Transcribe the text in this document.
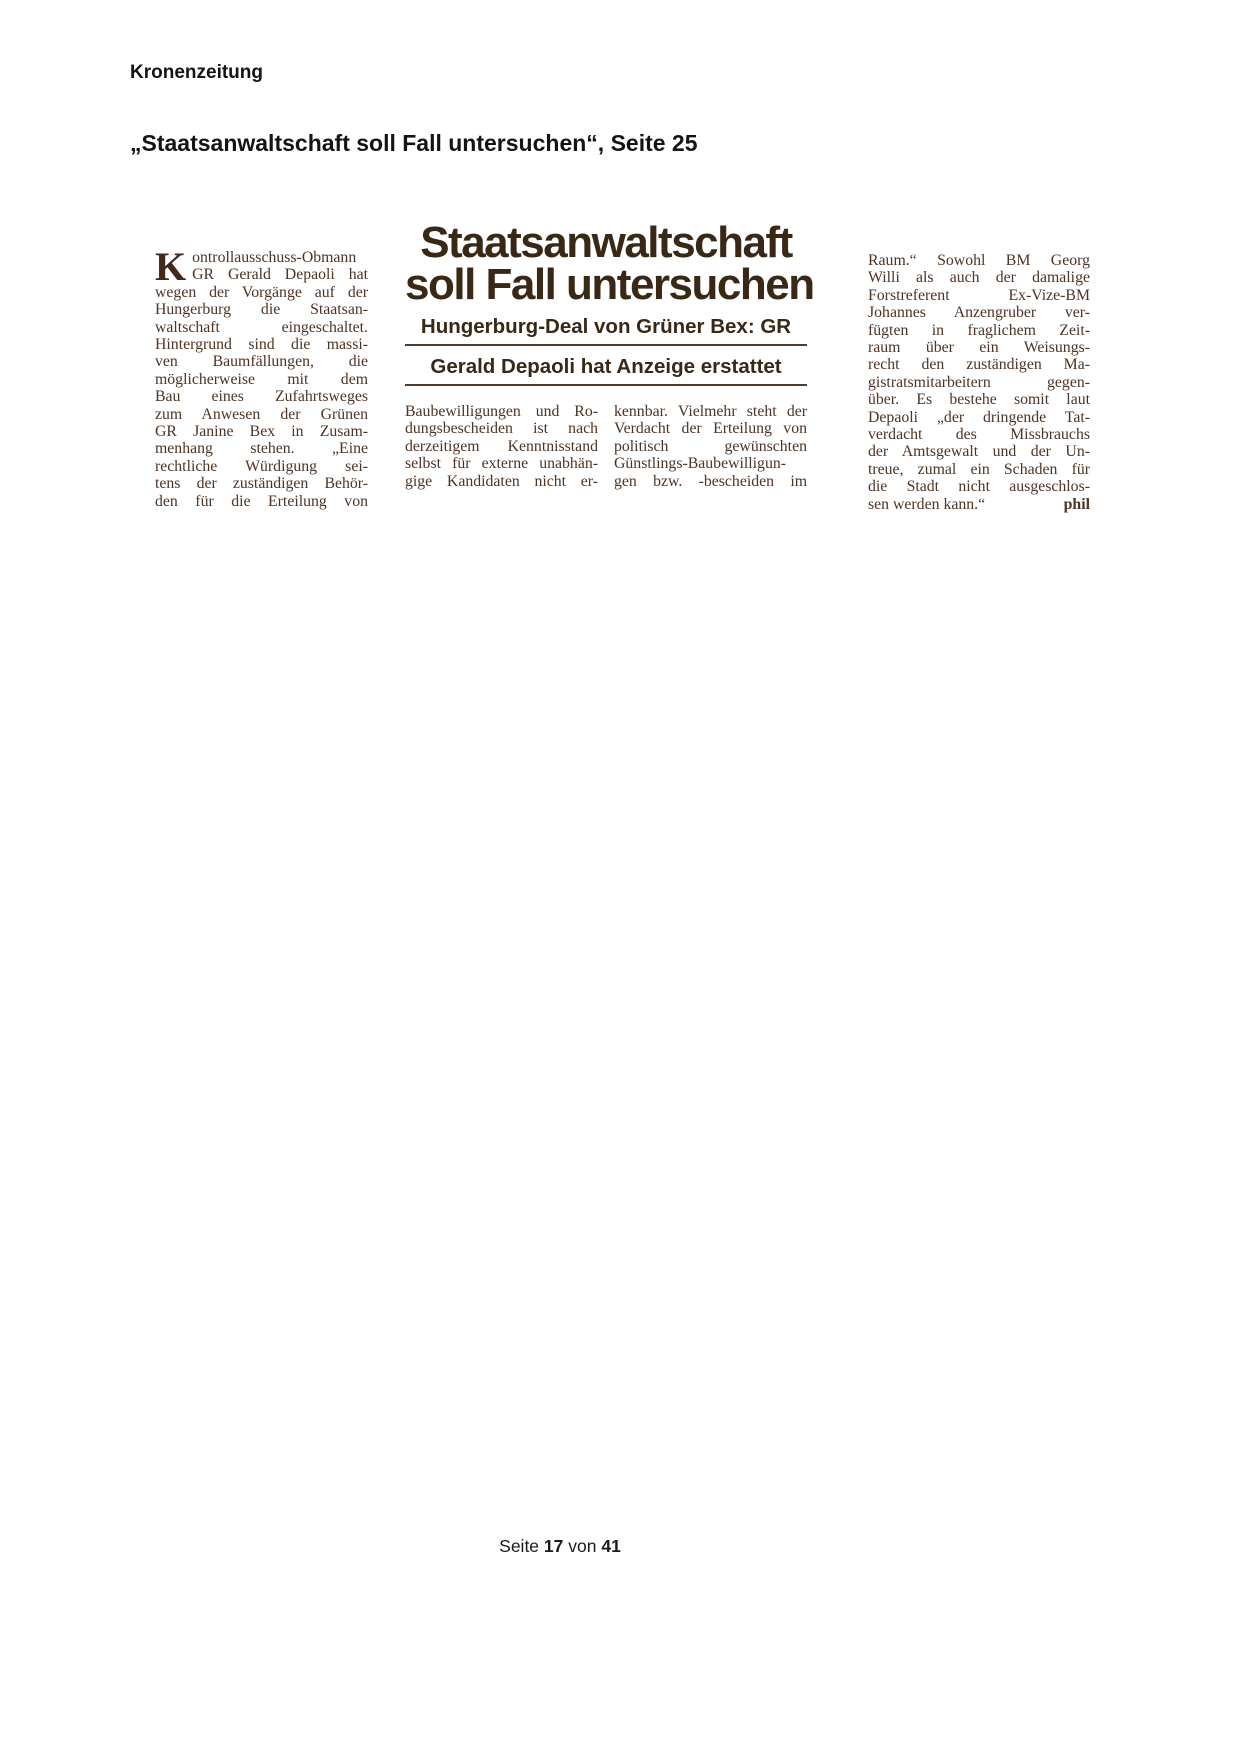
Kronenzeitung
„Staatsanwaltschaft soll Fall untersuchen“, Seite 25
K ontrollausschuss-Obmann
GR Gerald Depaoli hat
wegen der Vorgänge auf der
Hungerburg die Staatsan-
waltschaft eingeschaltet.
Hintergrund sind die massi-
ven Baumfällungen, die
möglicherweise mit dem
Bau eines Zufahrtsweges
zum Anwesen der Grünen
GR Janine Bex in Zusam-
menhang stehen. „Eine
rechtliche Würdigung sei-
tens der zuständigen Behör-
den für die Erteilung von
Staatsanwaltschaft
soll Fall untersuchen
Hungerburg-Deal von Grüner Bex: GR
Gerald Depaoli hat Anzeige erstattet
Baubewilligungen und Ro-
dungsbescheiden ist nach
derzeitigem Kenntnisstand
selbst für externe unabhän-
gige Kandidaten nicht er-
kennbar. Vielmehr steht der
Verdacht der Erteilung von
politisch gewünschten
Günstlings-Baubewilligun-
gen bzw. -bescheiden im
Raum.“ Sowohl BM Georg
Willi als auch der damalige
Forstreferent Ex-Vize-BM
Johannes Anzengruber ver-
fügten in fraglichem Zeit-
raum über ein Weisungs-
recht den zuständigen Ma-
gistratsmitarbeitern gegen-
über. Es bestehe somit laut
Depaoli „der dringende Tat-
verdacht des Missbrauchs
der Amtsgewalt und der Un-
treue, zumal ein Schaden für
die Stadt nicht ausgeschlos-
sen werden kann.“	phil
Seite 17 von 41
